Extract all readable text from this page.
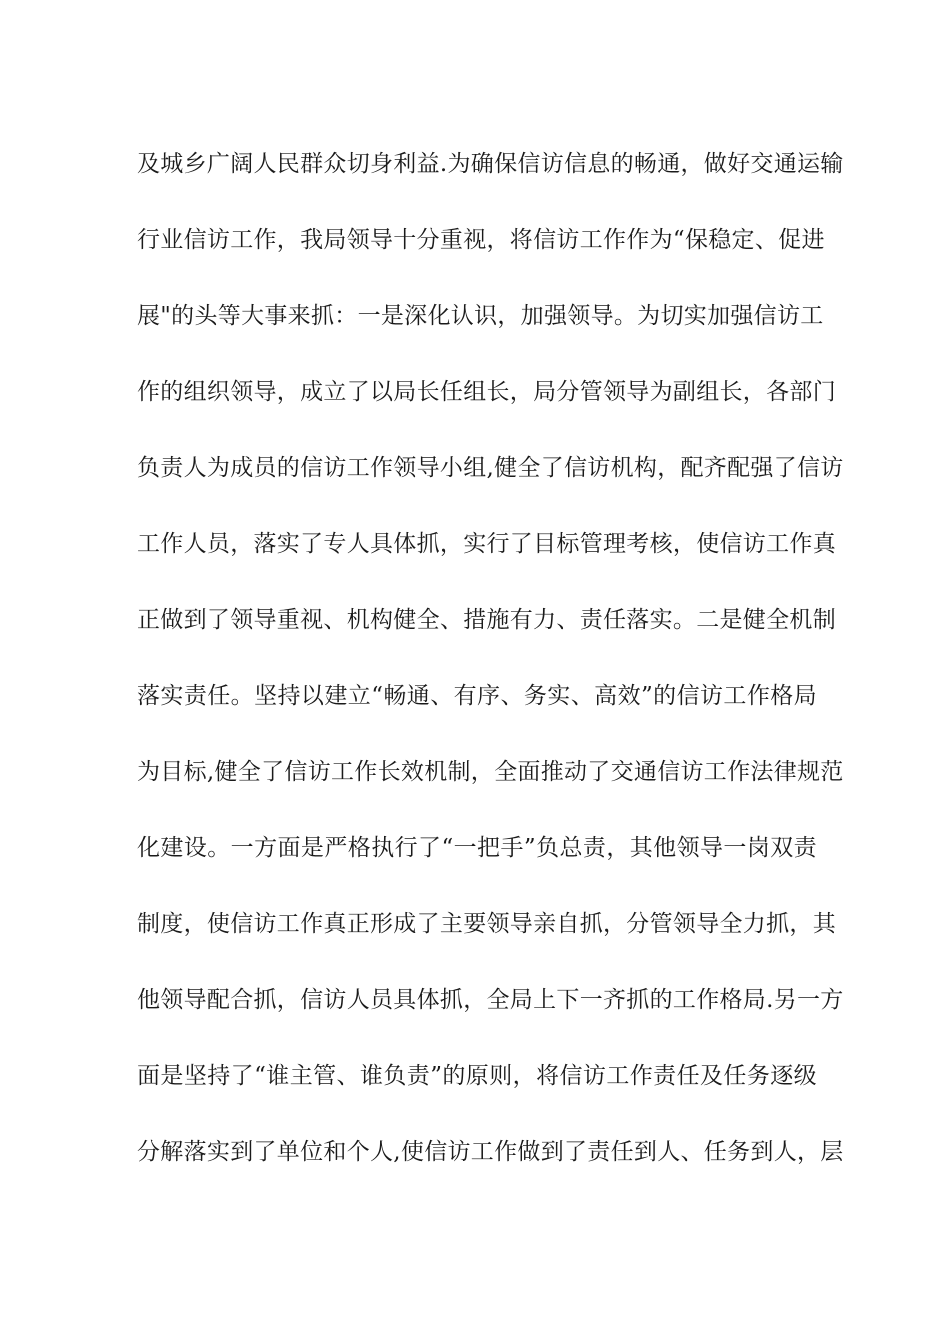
及城乡广阔人民群众切身利益.为确保信访信息的畅通，做好交通运输
行业信访工作，我局领导十分重视，将信访工作作为“保稳定、促进
展"的头等大事来抓：一是深化认识，加强领导。为切实加强信访工
作的组织领导，成立了以局长任组长，局分管领导为副组长，各部门
负责人为成员的信访工作领导小组,健全了信访机构，配齐配强了信访
工作人员，落实了专人具体抓，实行了目标管理考核，使信访工作真
正做到了领导重视、机构健全、措施有力、责任落实。二是健全机制
落实责任。坚持以建立“畅通、有序、务实、高效”的信访工作格局
为目标,健全了信访工作长效机制，全面推动了交通信访工作法律规范
化建设。一方面是严格执行了“一把手”负总责，其他领导一岗双责
制度，使信访工作真正形成了主要领导亲自抓，分管领导全力抓，其
他领导配合抓，信访人员具体抓，全局上下一齐抓的工作格局.另一方
面是坚持了“谁主管、谁负责”的原则，将信访工作责任及任务逐级
分解落实到了单位和个人,使信访工作做到了责任到人、任务到人，层
